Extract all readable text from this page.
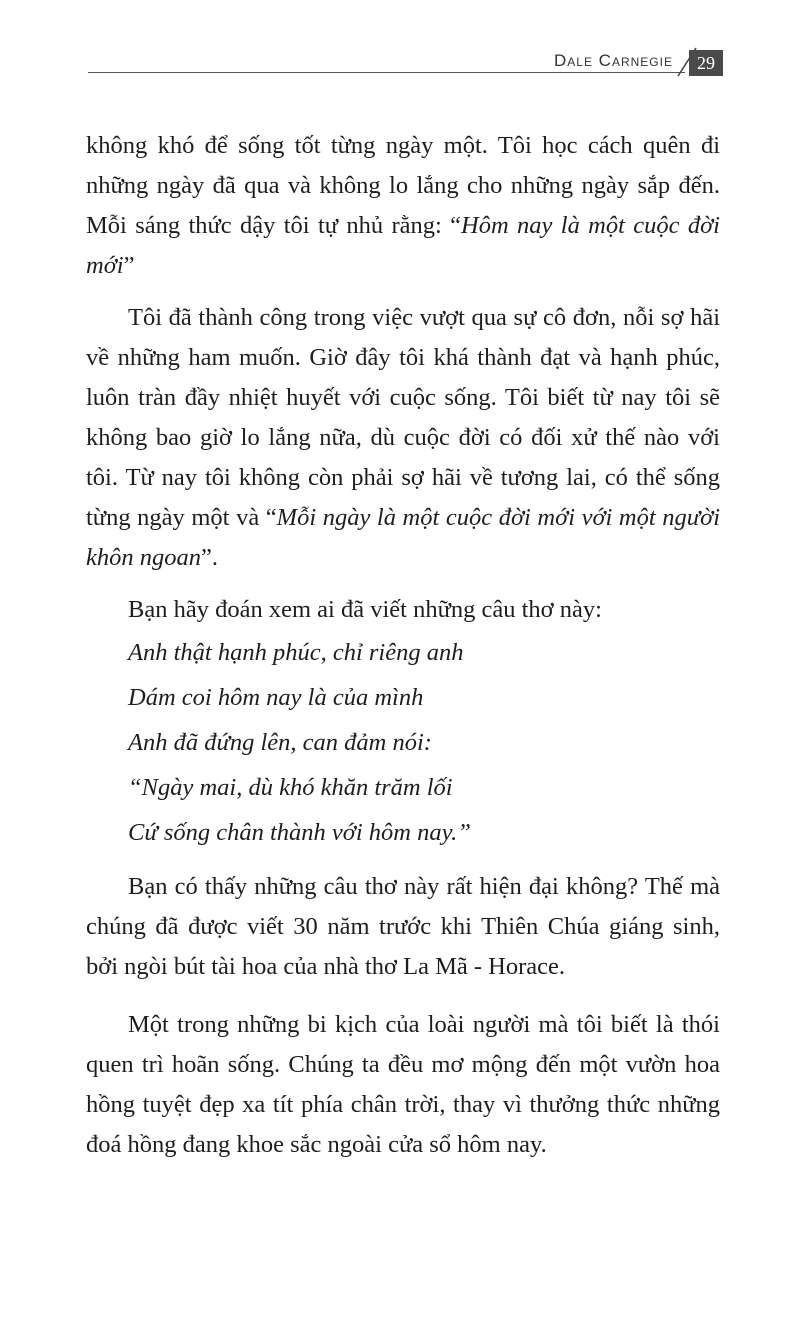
Dale Carnegie	29

không khó để sống tốt từng ngày một. Tôi học cách quên đi những ngày đã qua và không lo lắng cho những ngày sắp đến. Mỗi sáng thức dậy tôi tự nhủ rằng: “Hôm nay là một cuộc đời mới”

Tôi đã thành công trong việc vượt qua sự cô đơn, nỗi sợ hãi về những ham muốn. Giờ đây tôi khá thành đạt và hạnh phúc, luôn tràn đầy nhiệt huyết với cuộc sống. Tôi biết từ nay tôi sẽ không bao giờ lo lắng nữa, dù cuộc đời có đối xử thế nào với tôi. Từ nay tôi không còn phải sợ hãi về tương lai, có thể sống từng ngày một và “Mỗi ngày là một cuộc đời mới với một người khôn ngoan”.

Bạn hãy đoán xem ai đã viết những câu thơ này:

Anh thật hạnh phúc, chỉ riêng anh
Dám coi hôm nay là của mình
Anh đã đứng lên, can đảm nói:
“Ngày mai, dù khó khăn trăm lối
Cứ sống chân thành với hôm nay.”

Bạn có thấy những câu thơ này rất hiện đại không? Thế mà chúng đã được viết 30 năm trước khi Thiên Chúa giáng sinh, bởi ngòi bút tài hoa của nhà thơ La Mã - Horace.

Một trong những bi kịch của loài người mà tôi biết là thói quen trì hoãn sống. Chúng ta đều mơ mộng đến một vườn hoa hồng tuyệt đẹp xa tít phía chân trời, thay vì thưởng thức những đoá hồng đang khoe sắc ngoài cửa sổ hôm nay.
